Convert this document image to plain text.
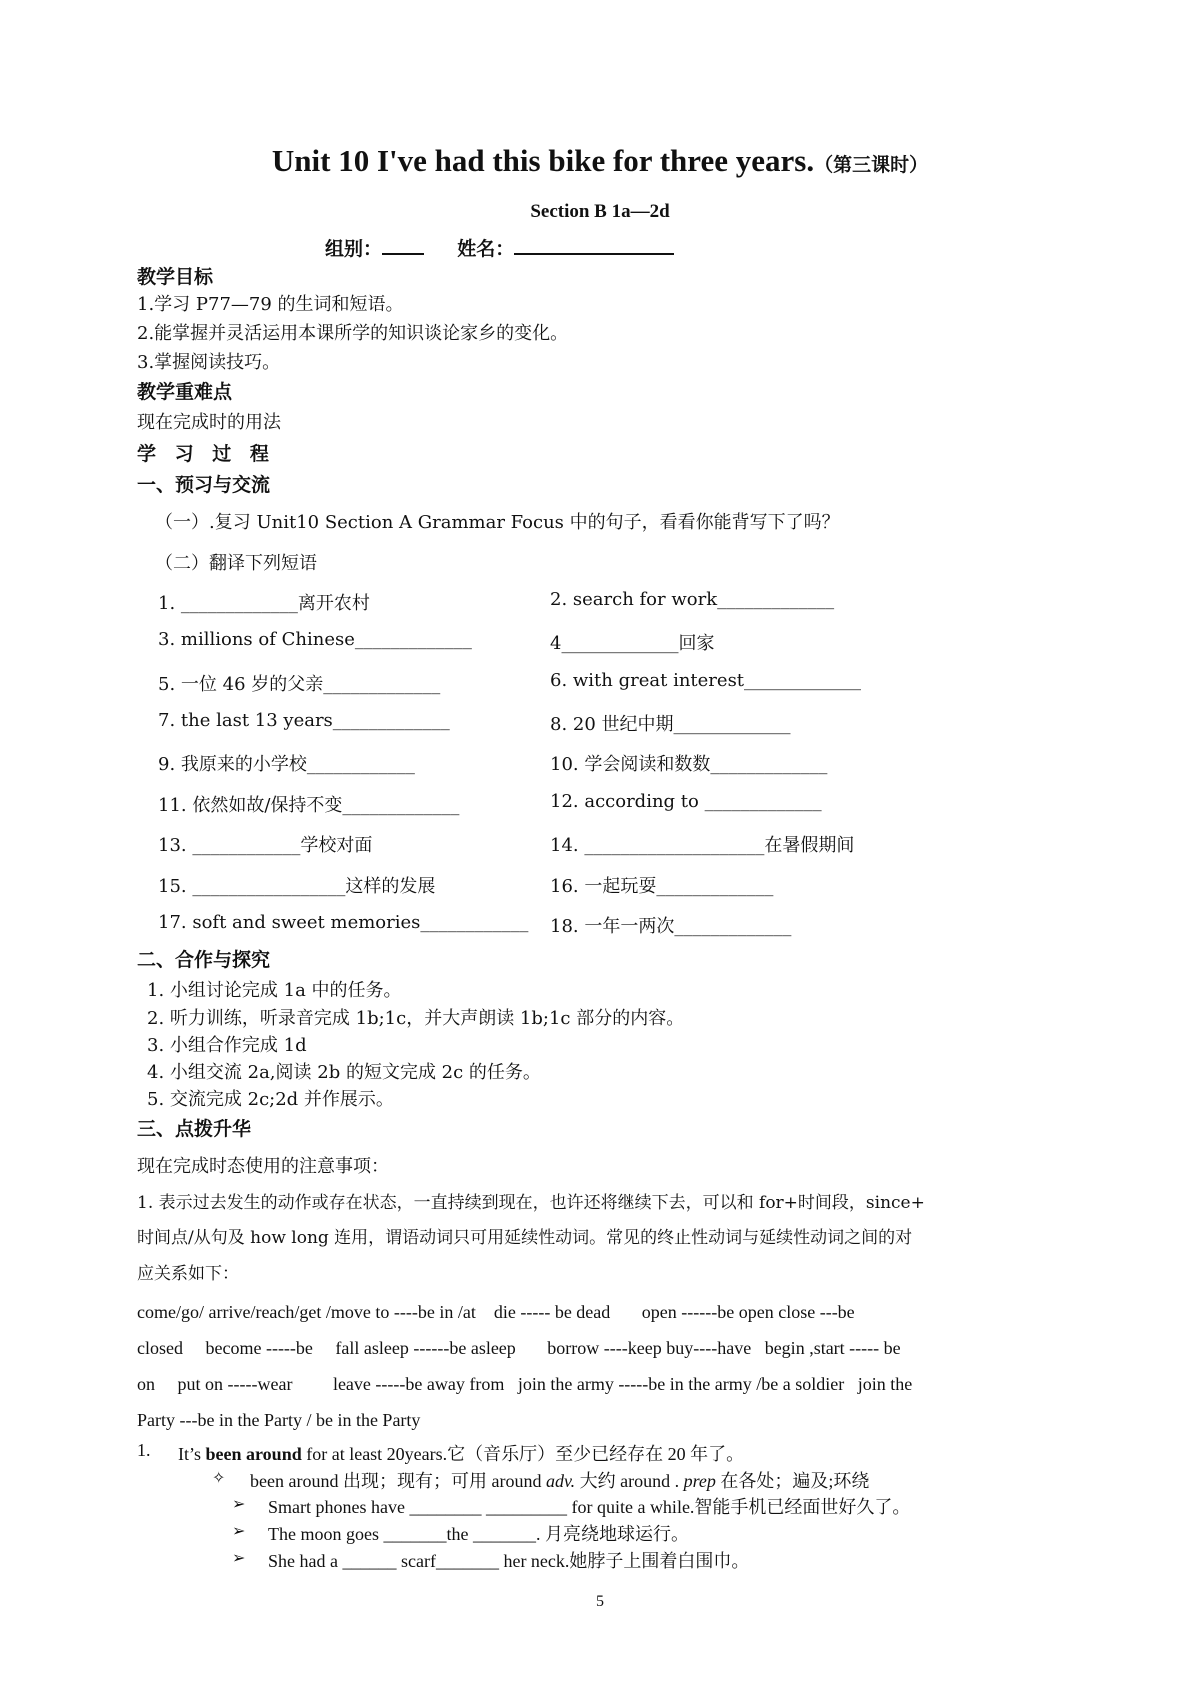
Unit 10 I've had this bike for three years.（第三课时）
Section B 1a—2d
组别：	姓名：
教学目标
1.学习 P77—79 的生词和短语。
2.能掌握并灵活运用本课所学的知识谈论家乡的变化。
3.掌握阅读技巧。
教学重难点
现在完成时的用法
学 习 过 程
一、预习与交流
（一）.复习 Unit10 Section A Grammar Focus 中的句子，看看你能背写下了吗？
（二）翻译下列短语
1. _____________离开农村	2. search for work_____________
3. millions of Chinese_____________	4_____________回家
5. 一位 46 岁的父亲_____________	6. with great interest_____________
7. the last 13 years_____________	8. 20 世纪中期_____________
9. 我原来的小学校____________	10. 学会阅读和数数_____________
11. 依然如故/保持不变_____________	12. according to _____________
13. ____________学校对面	14. ____________________在暑假期间
15. _________________这样的发展	16. 一起玩耍_____________
17. soft and sweet memories____________ 18. 一年一两次_____________
二、合作与探究
1. 小组讨论完成 1a 中的任务。
2. 听力训练，听录音完成 1b;1c，并大声朗读 1b;1c 部分的内容。
3. 小组合作完成 1d
4. 小组交流 2a,阅读 2b 的短文完成 2c 的任务。
5. 交流完成 2c;2d 并作展示。
三、点拨升华
现在完成时态使用的注意事项：
1. 表示过去发生的动作或存在状态，一直持续到现在，也许还将继续下去，可以和 for+时间段，since+
时间点/从句及 how long 连用，谓语动词只可用延续性动词。常见的终止性动词与延续性动词之间的对
应关系如下：
come/go/ arrive/reach/get /move to ----be in /at    die ----- be dead       open ------be open close ---be
closed     become -----be     fall asleep ------be asleep       borrow ----keep buy----have   begin ,start ----- be
on     put on -----wear         leave -----be away from   join the army -----be in the army /be a soldier   join the
Party ---be in the Party / be in the Party
1. It’s been around for at least 20years.它（音乐厅）至少已经存在 20 年了。
✧ been around 出现；现有；可用 around adv. 大约 around . prep 在各处；遍及;环绕
➢ Smart phones have ________ _________ for quite a while.智能手机已经面世好久了。
➢ The moon goes _______the _______. 月亮绕地球运行。
➢ She had a ______ scarf_______ her neck.她脖子上围着白围巾。
5
